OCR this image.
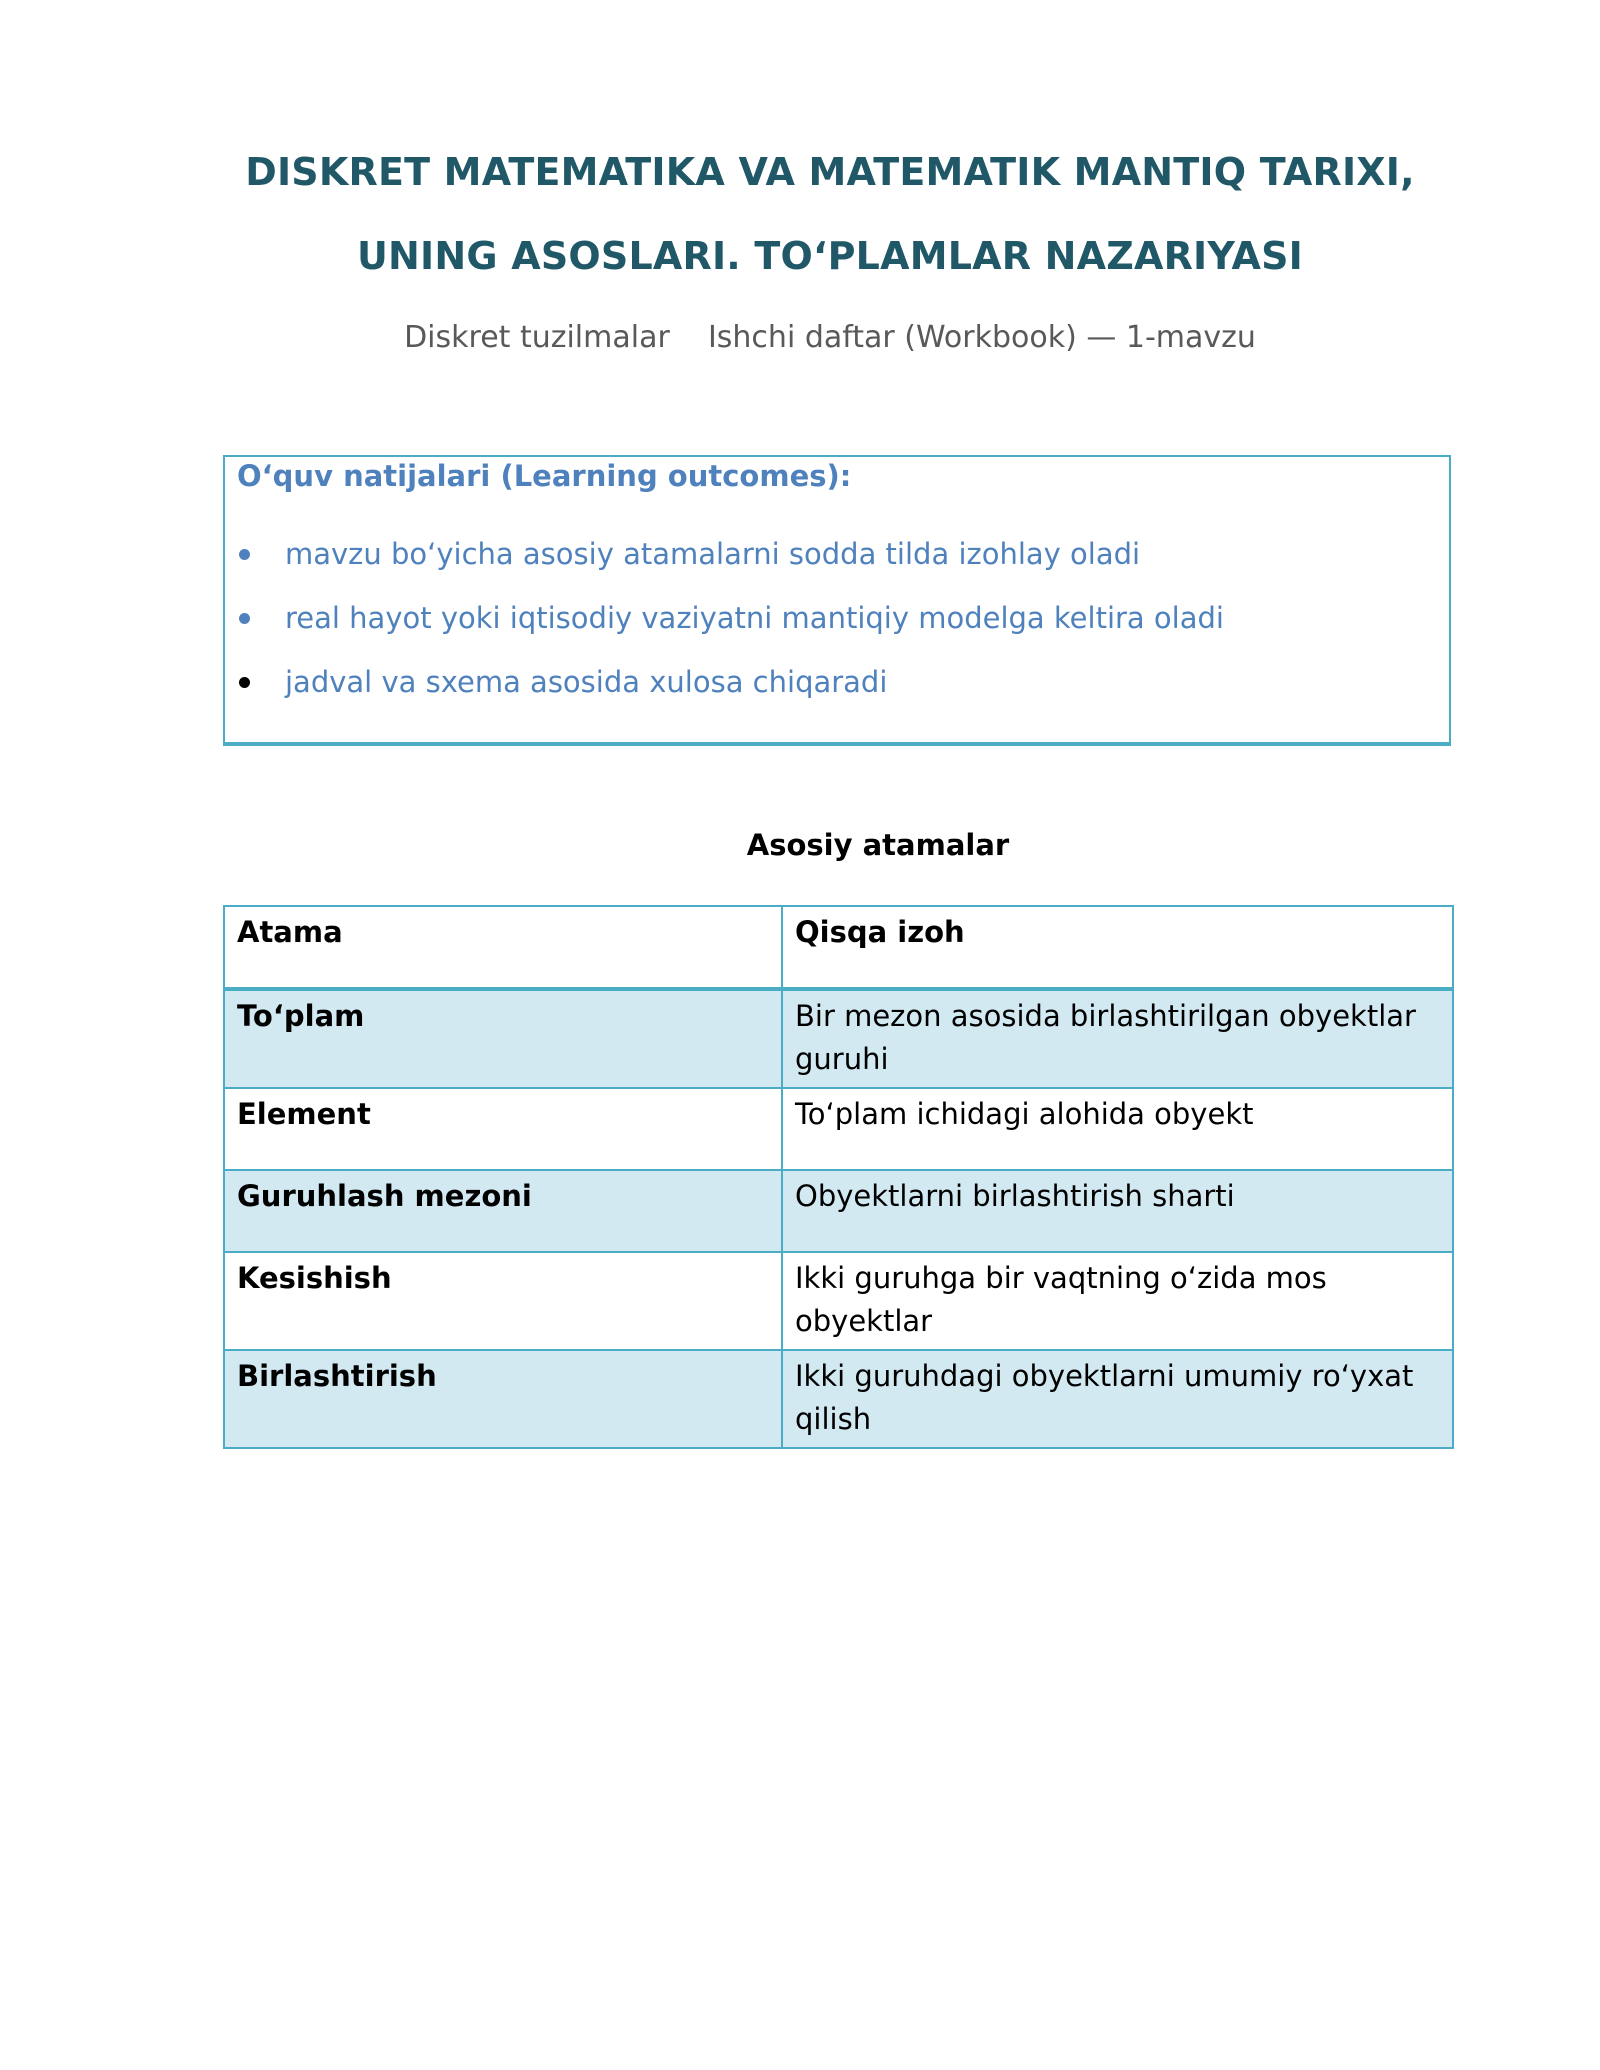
DISKRET MATEMATIKA VA MATEMATIK MANTIQ TARIXI,
UNING ASOSLARI. TO‘PLAMLAR NAZARIYASI
Diskret tuzilmalar    Ishchi daftar (Workbook) — 1-mavzu

O‘quv natijalari (Learning outcomes):

mavzu bo‘yicha asosiy atamalarni sodda tilda izohlay oladi
real hayot yoki iqtisodiy vaziyatni mantiqiy modelga keltira oladi
jadval va sxema asosida xulosa chiqaradi
Asosiy atamalar
Atama	Qisqa izoh
To‘plam	Bir mezon asosida birlashtirilgan obyektlar guruhi
Element	To‘plam ichidagi alohida obyekt
Guruhlash mezoni	Obyektlarni birlashtirish sharti
Kesishish	Ikki guruhga bir vaqtning o‘zida mos obyektlar
Birlashtirish	Ikki guruhdagi obyektlarni umumiy ro‘yxat qilish
